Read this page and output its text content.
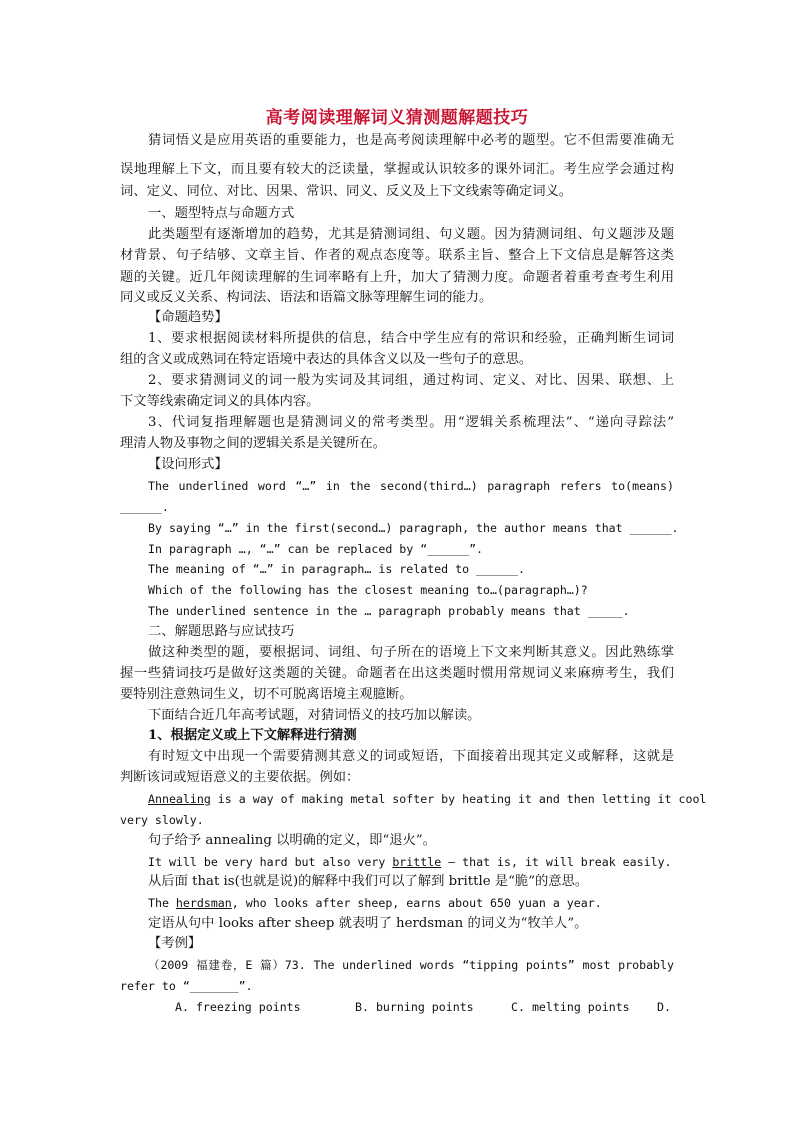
高考阅读理解词义猜测题解题技巧
猜词悟义是应用英语的重要能力，也是高考阅读理解中必考的题型。它不但需要准确无
误地理解上下文，而且要有较大的泛读量，掌握或认识较多的课外词汇。考生应学会通过构
词、定义、同位、对比、因果、常识、同义、反义及上下文线索等确定词义。
一、题型特点与命题方式
此类题型有逐渐增加的趋势，尤其是猜测词组、句义题。因为猜测词组、句义题涉及题
材背景、句子结够、文章主旨、作者的观点态度等。联系主旨、整合上下文信息是解答这类
题的关键。近几年阅读理解的生词率略有上升，加大了猜测力度。命题者着重考查考生利用
同义或反义关系、构词法、语法和语篇文脉等理解生词的能力。
【命题趋势】
1、要求根据阅读材料所提供的信息，结合中学生应有的常识和经验，正确判断生词词
组的含义或成熟词在特定语境中表达的具体含义以及一些句子的意思。
2、要求猜测词义的词一般为实词及其词组，通过构词、定义、对比、因果、联想、上
下文等线索确定词义的具体内容。
3、代词复指理解题也是猜测词义的常考类型。用“逻辑关系梳理法”、“递向寻踪法”
理清人物及事物之间的逻辑关系是关键所在。
【设问形式】
The underlined word “…” in the second(third…) paragraph refers to(means)
______.
By saying “…” in the first(second…) paragraph, the author means that ______.
In paragraph …, “…” can be replaced by “______”.
The meaning of “…” in paragraph… is related to ______.
Which of the following has the closest meaning to…(paragraph…)?
The underlined sentence in the … paragraph probably means that _____.
二、解题思路与应试技巧
做这种类型的题，要根据词、词组、句子所在的语境上下文来判断其意义。因此熟练掌
握一些猜词技巧是做好这类题的关键。命题者在出这类题时惯用常规词义来麻痹考生，我们
要特别注意熟词生义，切不可脱离语境主观臆断。
下面结合近几年高考试题，对猜词悟义的技巧加以解读。
1、根据定义或上下文解释进行猜测
有时短文中出现一个需要猜测其意义的词或短语，下面接着出现其定义或解释，这就是
判断该词或短语意义的主要依据。例如：
Annealing is a way of making metal softer by heating it and then letting it cool
very slowly.
句子给予 annealing 以明确的定义，即“退火”。
It will be very hard but also very brittle — that is, it will break easily.
从后面 that is(也就是说)的解释中我们可以了解到 brittle 是“脆”的意思。
The herdsman, who looks after sheep, earns about 650 yuan a year.
定语从句中 looks after sheep 就表明了 herdsman 的词义为“牧羊人”。
【考例】
（2009 福建卷，E 篇）73. The underlined words “tipping points” most probably
refer to “_______”.
A. freezing points	B. burning points	C. melting points D.
